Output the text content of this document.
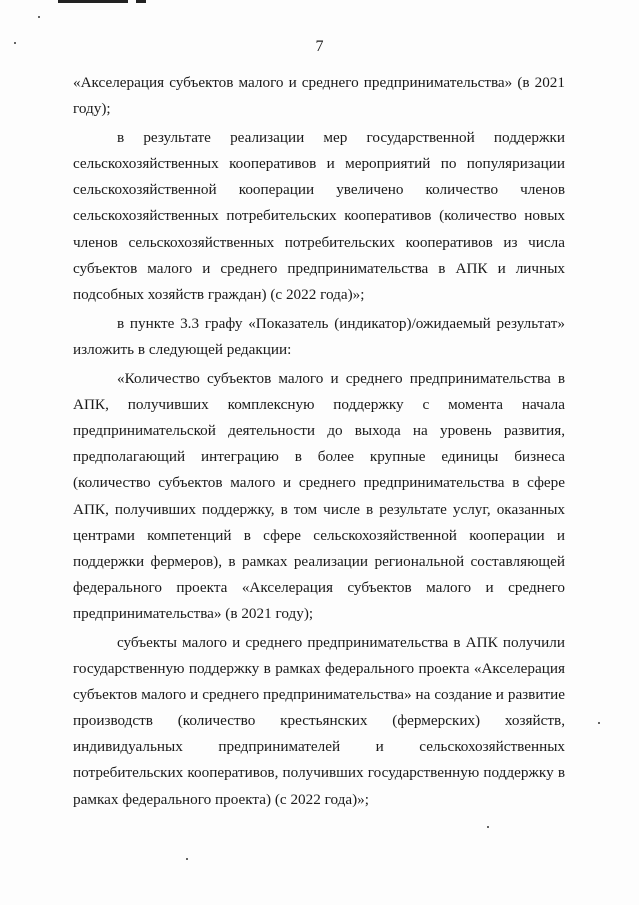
7

«Акселерация субъектов малого и среднего предпринимательства» (в 2021 году);

в результате реализации мер государственной поддержки сельскохозяйственных кооперативов и мероприятий по популяризации сельскохозяйственной кооперации увеличено количество членов сельскохозяйственных потребительских кооперативов (количество новых членов сельскохозяйственных потребительских кооперативов из числа субъектов малого и среднего предпринимательства в АПК и личных подсобных хозяйств граждан) (с 2022 года)»;

в пункте 3.3 графу «Показатель (индикатор)/ожидаемый результат» изложить в следующей редакции:

«Количество субъектов малого и среднего предпринимательства в АПК, получивших комплексную поддержку с момента начала предпринимательской деятельности до выхода на уровень развития, предполагающий интеграцию в более крупные единицы бизнеса (количество субъектов малого и среднего предпринимательства в сфере АПК, получивших поддержку, в том числе в результате услуг, оказанных центрами компетенций в сфере сельскохозяйственной кооперации и поддержки фермеров), в рамках реализации региональной составляющей федерального проекта «Акселерация субъектов малого и среднего предпринимательства» (в 2021 году);

субъекты малого и среднего предпринимательства в АПК получили государственную поддержку в рамках федерального проекта «Акселерация субъектов малого и среднего предпринимательства» на создание и развитие производств (количество крестьянских (фермерских) хозяйств, индивидуальных предпринимателей и сельскохозяйственных потребительских кооперативов, получивших государственную поддержку в рамках федерального проекта) (с 2022 года)»;
